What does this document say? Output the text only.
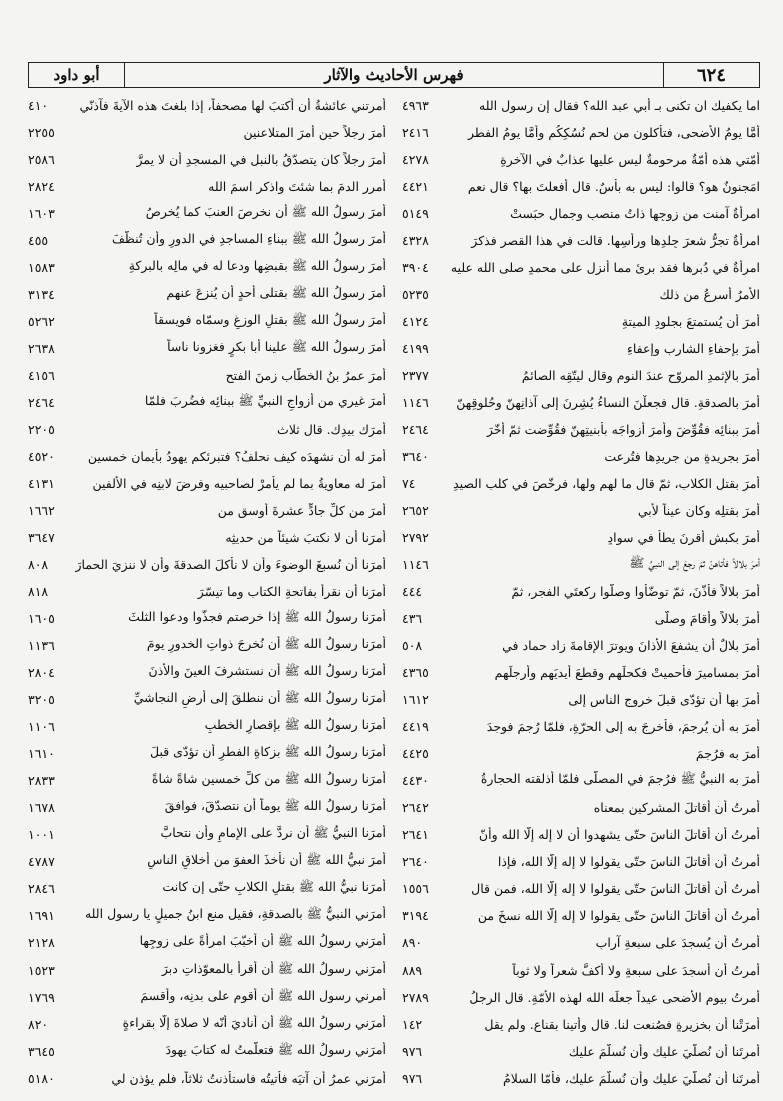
٦٢٤
فهرس الأحاديث والآثار
أبو داود
اما يكفيك ان تكنى بـ أبي عبد الله؟ فقال إن رسول الله
٤٩٦٣
أمَّا يومُ الأضحى، فتأكلون من لحمِ نُسُكِكُم وأمَّا يومُ الفطرِ
٢٤١٦
أمّتي هذه أمّةٌ مرحومةٌ ليس عليها عذابٌ في الآخرةِ
٤٢٧٨
امَجنونٌ هو؟ قالوا: ليس به بأسٌ. قال أفعلتَ بها؟ قال نعم
٤٤٢١
امرأةٌ آمنت من زوجِها ذاتُ منصبٍ وجمالٍ حبَستْ
٥١٤٩
امرأةٌ تجرُّ شعرَ جِلدِها ورأسِها. قالت في هذا القصرِ فذكرَ
٤٣٢٨
امرأةٌ في دُبرِها فقد برئ مما أنزل على محمدٍ صلى الله عليه
٣٩٠٤
الأمرُ أسرعُ من ذلك
٥٢٣٥
أمرَ أن يُستمتعَ بجلودِ الميتةِ
٤١٢٤
أمرَ بإحفاءِ الشاربِ وإعفاءِ
٤١٩٩
أمرَ بالإثمدِ المروّحِ عندَ النومِ وقال ليتّقِه الصائمُ
٢٣٧٧
أمرَ بالصدقةِ. قال فجعلْنَ النساءُ يُشِرنَ إلى آذانِهنّ وحُلوقِهنّ
١١٤٦
أمرَ ببنائِه فقُوِّضَ وأمرَ أزواجَه بأبنيتِهنّ فقُوِّضت ثمّ أخّرَ
٢٤٦٤
أمرَ بجريدةٍ من جريدِها فتُرعت
٣٦٤٠
أمرَ بقتلِ الكلابِ، ثمّ قال ما لهم ولها، فرخّصَ في كلبِ الصيدِ
٧٤
أمرَ بقتلِه وكان عيناً لأبي
٢٦٥٢
أمرَ بكبشٍ أقرنَ يطأُ في سوادٍ
٢٧٩٢
أمرَ بلالاً فأتاهنّ ثمّ رجعَ إلى النبيِّ ﷺ
١١٤٦
أمرَ بلالاً فأذّنَ، ثمّ توضّأوا وصلّوا ركعتَي الفجرِ، ثمّ
٤٤٤
أمرَ بلالاً وأقامَ وصلّى
٤٣٦
أُمرَ بلالٌ أن يشفعَ الأذانَ ويوترَ الإقامةَ زاد حماد في
٥٠٨
أمرَ بمساميرَ فأُحميتْ فكحلَهم وقطعَ أيديَهم وأرجلَهم
٤٣٦٥
أمرَ بها أن تؤدّى قبلَ خروجِ الناسِ إلى
١٦١٢
أمرَ به أن يُرجمَ، فأُخرجَ به إلى الحرّةِ، فلمّا رُجمَ فوجدَ
٤٤١٩
أمرَ به فرُجمَ
٤٤٢٥
أمرَ به النبيُّ ﷺ فرُجمَ في المصلّى فلمّا أذلقته الحجارةُ
٤٤٣٠
أُمرتُ أن أقاتلَ المشركين بمعناه
٢٦٤٢
أُمرتُ أن أقاتلَ الناسَ حتّى يشهدوا أن لا إله إلّا الله وأنّ
٢٦٤١
أُمرتُ أن أقاتلَ الناسَ حتّى يقولوا لا إله إلّا الله، فإذا
٢٦٤٠
أُمرتُ أن أقاتلَ الناسَ حتّى يقولوا لا إله إلّا الله، فمن قال
١٥٥٦
أُمرتُ أن أقاتلَ الناسَ حتّى يقولوا لا إله إلّا الله نسخَ من
٣١٩٤
أُمرتُ أن يُسجدَ على سبعةِ آرابٍ
٨٩٠
أُمرتُ أن أسجدَ على سبعةٍ ولا أكفَّ شعراً ولا ثوباً
٨٨٩
أُمرتُ بيومِ الأضحى عيداً جعلَه الله لهذه الأمّةِ. قال الرجلُ
٢٧٨٩
أمرَتْنا أن بخزيرةٍ فصُنعت لنا. قال وأتينا بقناعٍ. ولم يقل
١٤٢
أمرتَنا أن نُصلّيَ عليك وأن نُسلّمَ عليك
٩٧٦
أمرتَنا أن نُصلّيَ عليك وأن نُسلّمَ عليك، فأمّا السلامُ
٩٧٦
أمرتني عائشةُ أن أكتبَ لها مصحفاً، إذا بلغتَ هذه الآيةَ فآذنّي
٤١٠
أمرَ رجلاً حين أمرَ المتلاعنين
٢٢٥٥
أمرَ رجلاً كان يتصدّقُ بالنبلِ في المسجدِ أن لا يمرَّ
٢٥٨٦
أمرِرِ الدمَ بما شئتَ واذكرِ اسمَ الله
٢٨٢٤
أمرَ رسولُ الله ﷺ أن نخرصَ العنبَ كما يُخرصُ
١٦٠٣
أمرَ رسولُ الله ﷺ ببناءِ المساجدِ في الدورِ وأن تُنظّفَ
٤٥٥
أمرَ رسولُ الله ﷺ بقبضِها ودعا له في مالِه بالبركةِ
١٥٨٣
أمرَ رسولُ الله ﷺ بقتلى أحدٍ أن يُنزعَ عنهم
٣١٣٤
أمرَ رسولُ الله ﷺ بقتلِ الوزغِ وسمّاه فويسقاً
٥٢٦٢
أمرَ رسولُ الله ﷺ علينا أبا بكرٍ فغزونا ناساً
٢٦٣٨
أمرَ عمرُ بنُ الخطّابِ زمنَ الفتحِ
٤١٥٦
أمرَ غيري من أزواجِ النبيِّ ﷺ ببنائِه فضُربَ فلمّا
٢٤٦٤
أمرَك بيدِك. قال ثلاث
٢٢٠٥
أمرَ له أن نشهدَه كيف نحلفُ؟ فتبرئكم يهودُ بأيمانِ خمسين
٤٥٢٠
أمرَ له معاويةُ بما لم يأمرْ لصاحبيه وفرضَ لابنِه في الألفين
٤١٣١
أمرَ من كلِّ جادٍّ عشرةَ أوسقٍ من
١٦٦٢
أمرَنا أن لا نكتبَ شيئاً من حديثِه
٣٦٤٧
أمرَنا أن نُسبغَ الوضوءَ وأن لا نأكلَ الصدقةَ وأن لا ننزيَ الحمارَ
٨٠٨
أمرَنا أن نقرأَ بفاتحةِ الكتابِ وما تيسّرَ
٨١٨
أمرَنا رسولُ الله ﷺ إذا خرصتم فجذّوا ودعوا الثلثَ
١٦٠٥
أمرَنا رسولُ الله ﷺ أن نُخرجَ ذواتِ الخدورِ يومَ
١١٣٦
أمرَنا رسولُ الله ﷺ أن نستشرفَ العينَ والأذنَ
٢٨٠٤
أمرَنا رسولُ الله ﷺ أن ننطلقَ إلى أرضِ النجاشيِّ
٣٢٠٥
أمرَنا رسولُ الله ﷺ بإقصارِ الخطبِ
١١٠٦
أمرَنا رسولُ الله ﷺ بزكاةِ الفطرِ أن تؤدّى قبلَ
١٦١٠
أمرَنا رسولُ الله ﷺ من كلِّ خمسين شاةً شاةً
٢٨٣٣
أمرَنا رسولُ الله ﷺ يوماً أن نتصدّقَ، فوافقَ
١٦٧٨
أمرَنا النبيُّ ﷺ أن نردَّ على الإمامِ وأن نتحابَّ
١٠٠١
أمرَ نبيُّ الله ﷺ أن نأخذَ العفوَ من أخلاقِ الناسِ
٤٧٨٧
أمرَنا نبيُّ الله ﷺ بقتلِ الكلابِ حتّى إن كانت
٢٨٤٦
أمرَني النبيُّ ﷺ بالصدقةِ، فقيل منع ابنُ جميلٍ يا رسول الله
١٦٩١
أمرَني رسولُ الله ﷺ أن أُخبّبَ امرأةً على زوجِها
٢١٢٨
أمرَني رسولُ الله ﷺ أن أقرأَ بالمعوّذاتِ دبرَ
١٥٢٣
أمرني رسول الله ﷺ أن أقوم على بدنِه، وأقسمَ
١٧٦٩
أمرَني رسولُ الله ﷺ أن أُناديَ أنّه لا صلاةَ إلّا بقراءةٍ
٨٢٠
أمرَني رسولُ الله ﷺ فتعلّمتُ له كتابَ يهودَ
٣٦٤٥
أمرَني عمرُ أن آتيَه فأتيتُه فاستأذنتُ ثلاثاً، فلم يؤذن لي
٥١٨٠
